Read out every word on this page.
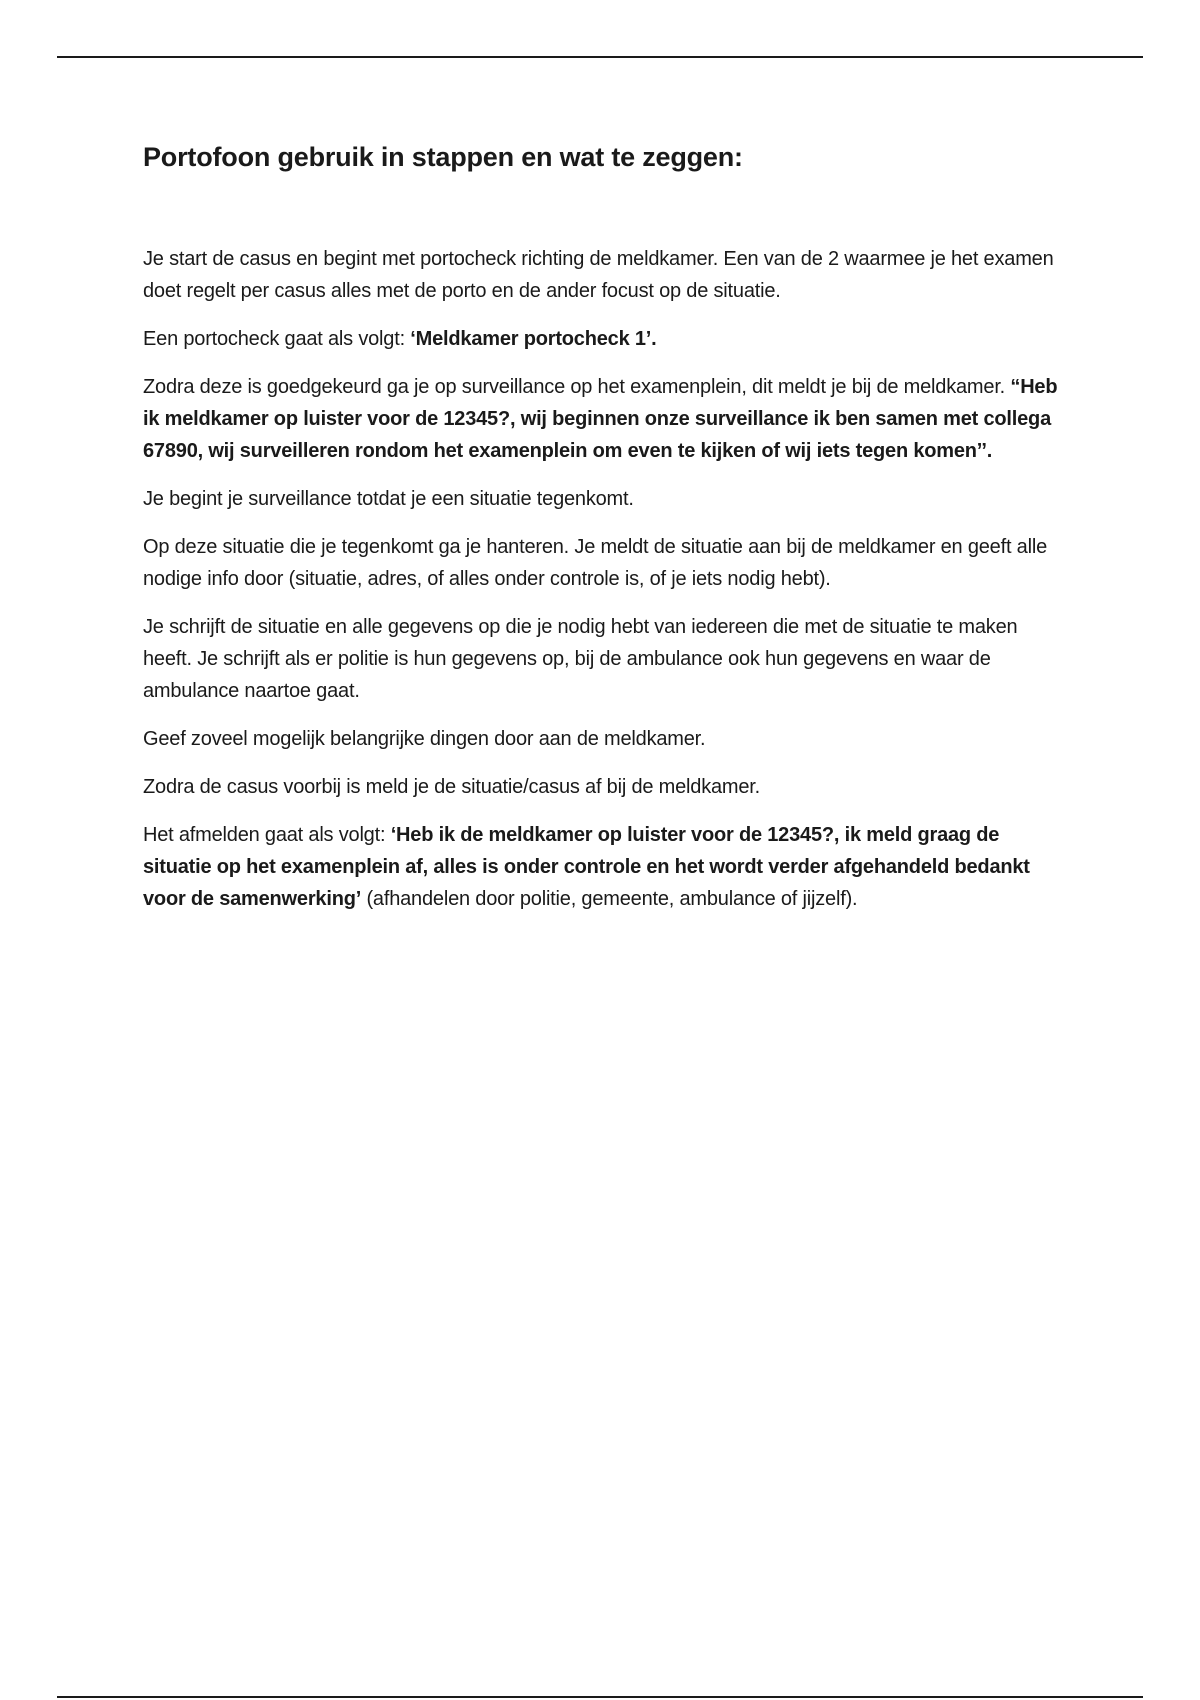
Portofoon gebruik in stappen en wat te zeggen:

Je start de casus en begint met portocheck richting de meldkamer. Een van de 2 waarmee je het examen doet regelt per casus alles met de porto en de ander focust op de situatie.

Een portocheck gaat als volgt: ‘Meldkamer portocheck 1’.

Zodra deze is goedgekeurd ga je op surveillance op het examenplein, dit meldt je bij de meldkamer. “Heb ik meldkamer op luister voor de 12345?, wij beginnen onze surveillance ik ben samen met collega 67890, wij surveilleren rondom het examenplein om even te kijken of wij iets tegen komen’’.

Je begint je surveillance totdat je een situatie tegenkomt.

Op deze situatie die je tegenkomt ga je hanteren. Je meldt de situatie aan bij de meldkamer en geeft alle nodige info door (situatie, adres, of alles onder controle is, of je iets nodig hebt).

Je schrijft de situatie en alle gegevens op die je nodig hebt van iedereen die met de situatie te maken heeft. Je schrijft als er politie is hun gegevens op, bij de ambulance ook hun gegevens en waar de ambulance naartoe gaat.

Geef zoveel mogelijk belangrijke dingen door aan de meldkamer.

Zodra de casus voorbij is meld je de situatie/casus af bij de meldkamer.

Het afmelden gaat als volgt: ‘Heb ik de meldkamer op luister voor de 12345?, ik meld graag de situatie op het examenplein af, alles is onder controle en het wordt verder afgehandeld bedankt voor de samenwerking’ (afhandelen door politie, gemeente, ambulance of jijzelf).
